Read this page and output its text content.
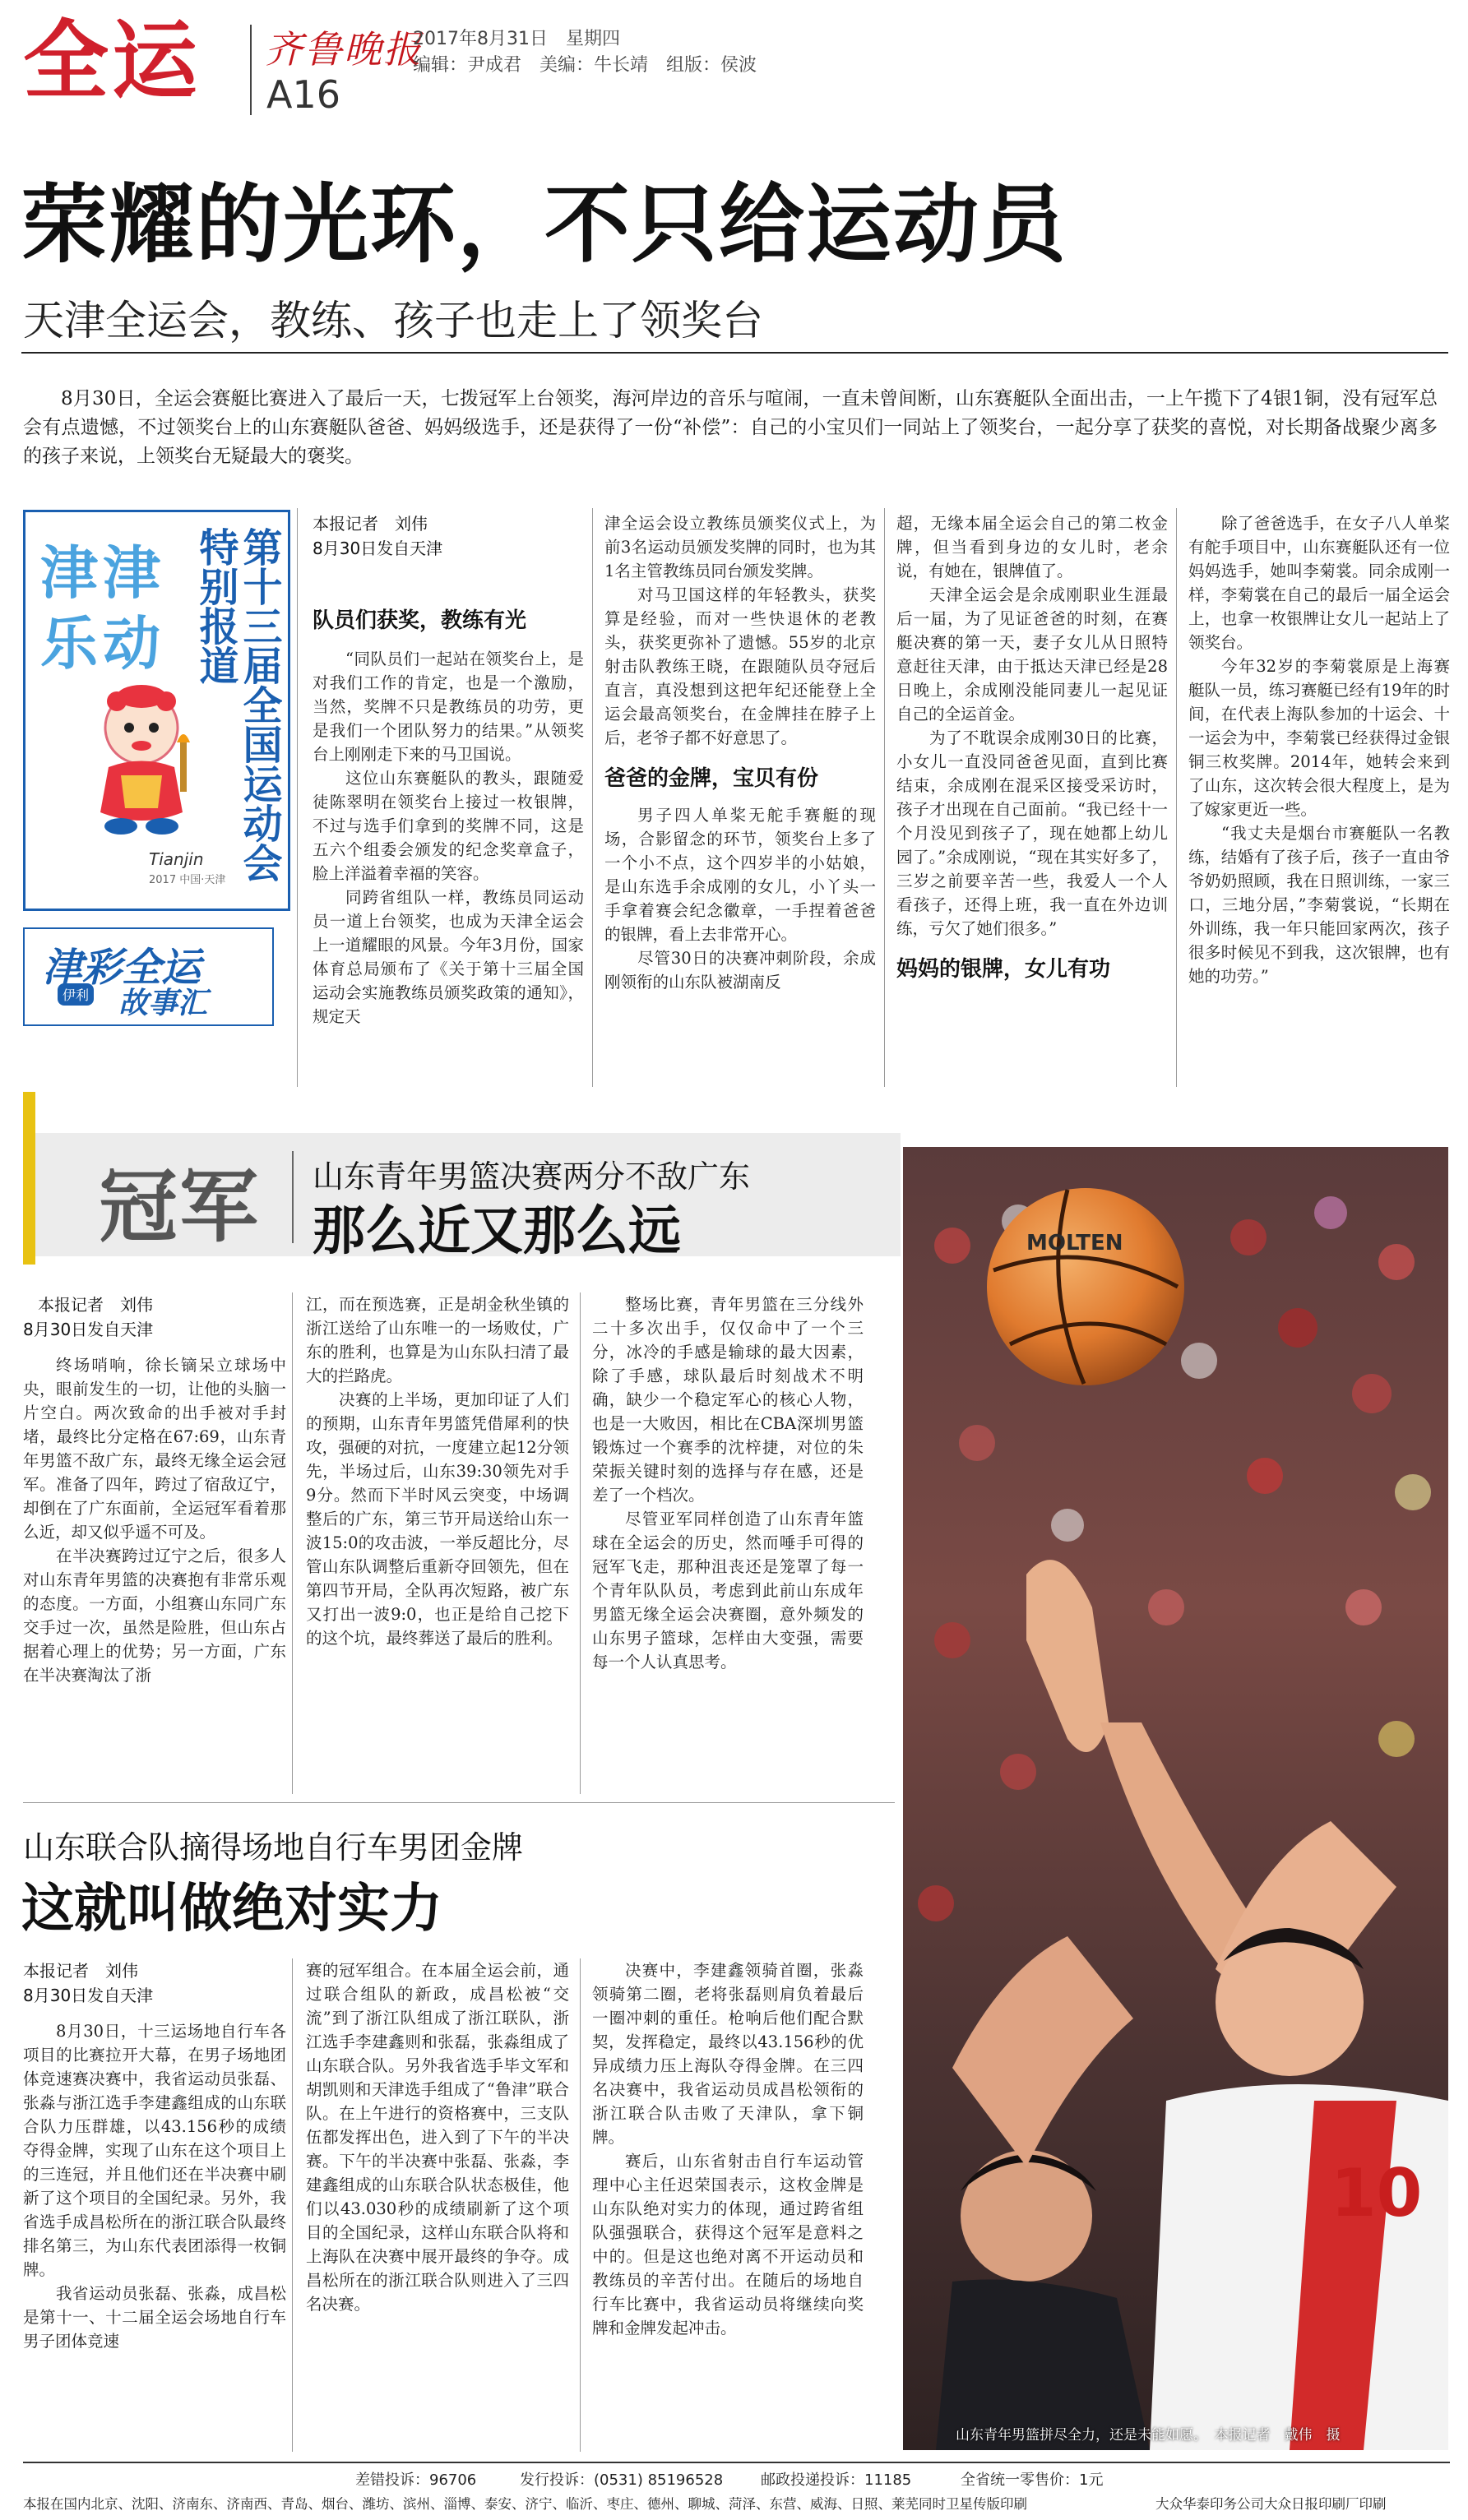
全运 齐鲁晚报
A16
2017年8月31日　星期四
编辑：尹成君　美编：牛长靖　组版：侯波
荣耀的光环，不只给运动员
天津全运会，教练、孩子也走上了领奖台
8月30日，全运会赛艇比赛进入了最后一天，七拨冠军上台领奖，海河岸边的音乐与喧闹，一直未曾间断，山东赛艇队全面出击，一上午揽下了4银1铜，没有冠军总会有点遗憾，不过领奖台上的山东赛艇队爸爸、妈妈级选手，还是获得了一份“补偿”：自己的小宝贝们一同站上了领奖台，一起分享了获奖的喜悦，对长期备战聚少离多的孩子来说，上领奖台无疑最大的褒奖。
第十三届全国运动会特别报道
津津
乐动
Tianjin
2017 中国·天津
伊利
津彩全运
故事汇
本报记者　刘伟
8月30日发自天津
队员们获奖，教练有光

“同队员们一起站在领奖台上，是对我们工作的肯定，也是一个激励，当然，奖牌不只是教练员的功劳，更是我们一个团队努力的结果。”从领奖台上刚刚走下来的马卫国说。

这位山东赛艇队的教头，跟随爱徒陈翠明在领奖台上接过一枚银牌，不过与选手们拿到的奖牌不同，这是五六个组委会颁发的纪念奖章盒子，脸上洋溢着幸福的笑容。

同跨省组队一样，教练员同运动员一道上台领奖，也成为天津全运会上一道耀眼的风景。今年3月份，国家体育总局颁布了《关于第十三届全国运动会实施教练员颁奖政策的通知》，规定天

津全运会设立教练员颁奖仪式上，为前3名运动员颁发奖牌的同时，也为其1名主管教练员同台颁发奖牌。

对马卫国这样的年轻教头，获奖算是经验，而对一些快退休的老教头，获奖更弥补了遗憾。55岁的北京射击队教练王晓，在跟随队员夺冠后直言，真没想到这把年纪还能登上全运会最高领奖台，在金牌挂在脖子上后，老爷子都不好意思了。

爸爸的金牌，宝贝有份

男子四人单桨无舵手赛艇的现场，合影留念的环节，领奖台上多了一个小不点，这个四岁半的小姑娘，是山东选手余成刚的女儿，小丫头一手拿着赛会纪念徽章，一手捏着爸爸的银牌，看上去非常开心。

尽管30日的决赛冲刺阶段，余成刚领衔的山东队被湖南反

超，无缘本届全运会自己的第二枚金牌，但当看到身边的女儿时，老余说，有她在，银牌值了。

天津全运会是余成刚职业生涯最后一届，为了见证爸爸的时刻，在赛艇决赛的第一天，妻子女儿从日照特意赶往天津，由于抵达天津已经是28日晚上，余成刚没能同妻儿一起见证自己的全运首金。

为了不耽误余成刚30日的比赛，小女儿一直没同爸爸见面，直到比赛结束，余成刚在混采区接受采访时，孩子才出现在自己面前。“我已经十一个月没见到孩子了，现在她都上幼儿园了。”余成刚说，“现在其实好多了，三岁之前要辛苦一些，我爱人一个人看孩子，还得上班，我一直在外边训练，亏欠了她们很多。”

妈妈的银牌，女儿有功

除了爸爸选手，在女子八人单桨有舵手项目中，山东赛艇队还有一位妈妈选手，她叫李菊裳。同余成刚一样，李菊裳在自己的最后一届全运会上，也拿一枚银牌让女儿一起站上了领奖台。

今年32岁的李菊裳原是上海赛艇队一员，练习赛艇已经有19年的时间，在代表上海队参加的十运会、十一运会为中，李菊裳已经获得过金银铜三枚奖牌。2014年，她转会来到了山东，这次转会很大程度上，是为了嫁家更近一些。

“我丈夫是烟台市赛艇队一名教练，结婚有了孩子后，孩子一直由爷爷奶奶照顾，我在日照训练，一家三口，三地分居，”李菊裳说，“长期在外训练，我一年只能回家两次，孩子很多时候见不到我，这次银牌，也有她的功劳。”

冠军 山东青年男篮决赛两分不敌广东
那么近又那么远
本报记者　刘伟
8月30日发自天津

终场哨响，徐长镝呆立球场中央，眼前发生的一切，让他的头脑一片空白。两次致命的出手被对手封堵，最终比分定格在67:69，山东青年男篮不敌广东，最终无缘全运会冠军。准备了四年，跨过了宿敌辽宁，却倒在了广东面前，全运冠军看着那么近，却又似乎遥不可及。

在半决赛跨过辽宁之后，很多人对山东青年男篮的决赛抱有非常乐观的态度。一方面，小组赛山东同广东交手过一次，虽然是险胜，但山东占据着心理上的优势；另一方面，广东在半决赛淘汰了浙

江，而在预选赛，正是胡金秋坐镇的浙江送给了山东唯一的一场败仗，广东的胜利，也算是为山东队扫清了最大的拦路虎。

决赛的上半场，更加印证了人们的预期，山东青年男篮凭借犀利的快攻，强硬的对抗，一度建立起12分领先，半场过后，山东39:30领先对手9分。然而下半时风云突变，中场调整后的广东，第三节开局送给山东一波15:0的攻击波，一举反超比分，尽管山东队调整后重新夺回领先，但在第四节开局，全队再次短路，被广东又打出一波9:0，也正是给自己挖下的这个坑，最终葬送了最后的胜利。

整场比赛，青年男篮在三分线外二十多次出手，仅仅命中了一个三分，冰冷的手感是输球的最大因素，除了手感，球队最后时刻战术不明确，缺少一个稳定军心的核心人物，也是一大败因，相比在CBA深圳男篮锻炼过一个赛季的沈梓捷，对位的朱荣振关键时刻的选择与存在感，还是差了一个档次。

尽管亚军同样创造了山东青年篮球在全运会的历史，然而唾手可得的冠军飞走，那种沮丧还是笼罩了每一个青年队队员，考虑到此前山东成年男篮无缘全运会决赛圈，意外频发的山东男子篮球，怎样由大变强，需要每一个人认真思考。

山东联合队摘得场地自行车男团金牌
这就叫做绝对实力
本报记者　刘伟
8月30日发自天津

8月30日，十三运场地自行车各项目的比赛拉开大幕，在男子场地团体竞速赛决赛中，我省运动员张磊、张淼与浙江选手李建鑫组成的山东联合队力压群雄，以43.156秒的成绩夺得金牌，实现了山东在这个项目上的三连冠，并且他们还在半决赛中刷新了这个项目的全国纪录。另外，我省选手成昌松所在的浙江联合队最终排名第三，为山东代表团添得一枚铜牌。

我省运动员张磊、张淼，成昌松是第十一、十二届全运会场地自行车男子团体竞速

赛的冠军组合。在本届全运会前，通过联合组队的新政，成昌松被“交流”到了浙江队组成了浙江联队，浙江选手李建鑫则和张磊，张淼组成了山东联合队。另外我省选手毕文军和胡凯则和天津选手组成了“鲁津”联合队。在上午进行的资格赛中，三支队伍都发挥出色，进入到了下午的半决赛。下午的半决赛中张磊、张淼，李建鑫组成的山东联合队状态极佳，他们以43.030秒的成绩刷新了这个项目的全国纪录，这样山东联合队将和上海队在决赛中展开最终的争夺。成昌松所在的浙江联合队则进入了三四名决赛。

决赛中，李建鑫领骑首圈，张淼领骑第二圈，老将张磊则肩负着最后一圈冲刺的重任。枪响后他们配合默契，发挥稳定，最终以43.156秒的优异成绩力压上海队夺得金牌。在三四名决赛中，我省运动员成昌松领衔的浙江联合队击败了天津队，拿下铜牌。

赛后，山东省射击自行车运动管理中心主任迟荣国表示，这枚金牌是山东队绝对实力的体现，通过跨省组队强强联合，获得这个冠军是意料之中的。但是这也绝对离不开运动员和教练员的辛苦付出。在随后的场地自行车比赛中，我省运动员将继续向奖牌和金牌发起冲击。

MOLTEN
10
山东青年男篮拼尽全力，还是未能如愿。　本报记者　戴伟　摄
差错投诉：96706	发行投诉：(0531) 85196528	邮政投递投诉：11185	全省统一零售价：1元
本报在国内北京、沈阳、济南东、济南西、青岛、烟台、潍坊、滨州、淄博、泰安、济宁、临沂、枣庄、德州、聊城、菏泽、东营、威海、日照、莱芜同时卫星传版印刷	大众华泰印务公司大众日报印刷厂印刷
